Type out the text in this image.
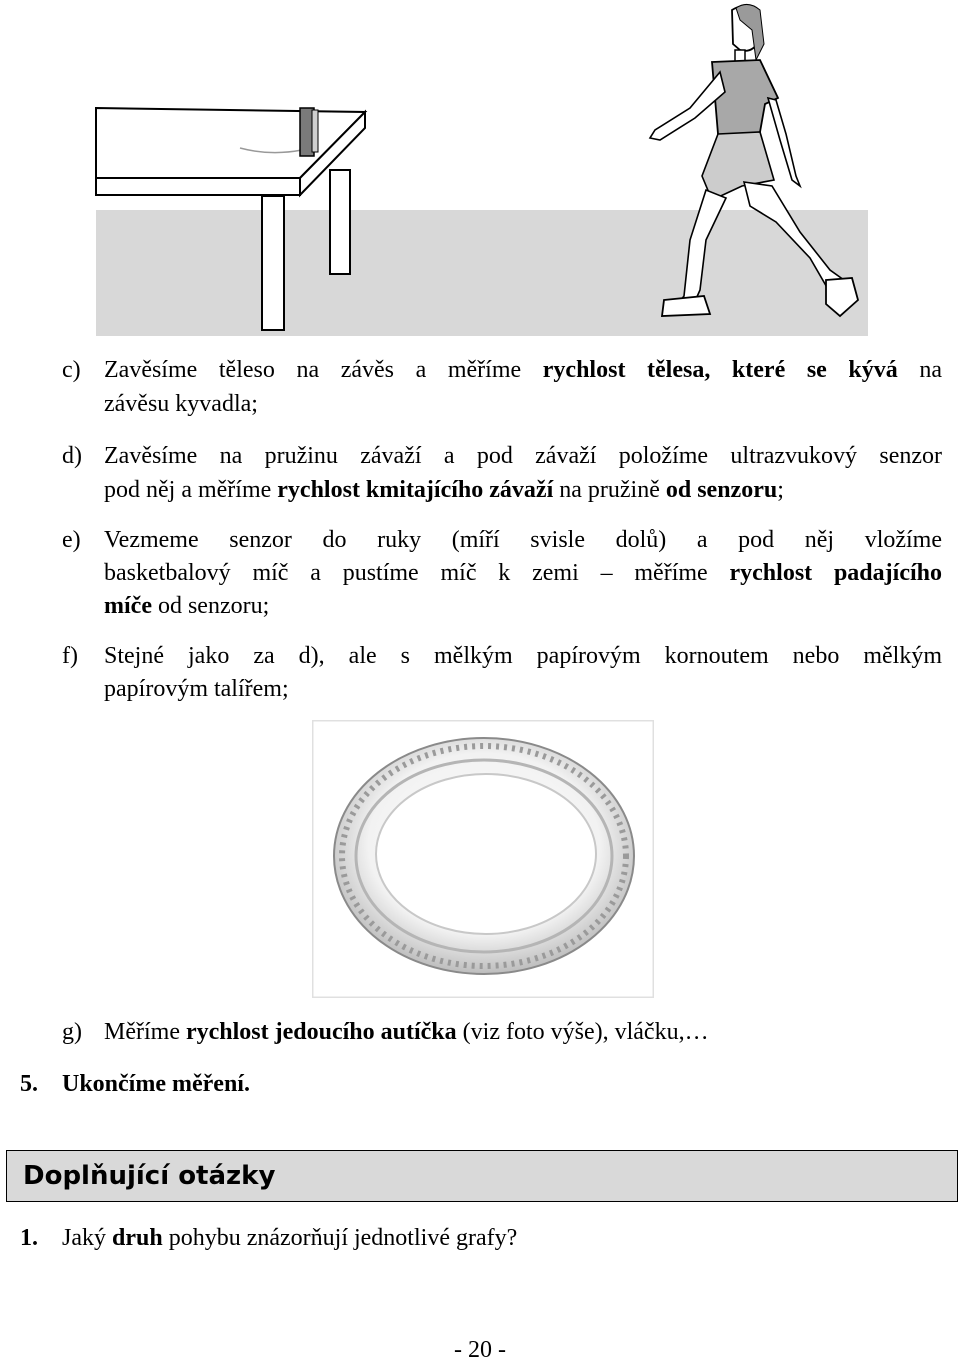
c) Zavěsíme těleso na závěs a měříme rychlost tělesa, které se kývá na
závěsu kyvadla;
d) Zavěsíme na pružinu závaží a pod závaží položíme ultrazvukový senzor
pod něj a měříme rychlost kmitajícího závaží na pružině od senzoru;
e) Vezmeme senzor do ruky (míří svisle dolů) a pod něj vložíme
basketbalový míč a pustíme míč k zemi – měříme rychlost padajícího
míče od senzoru;
f) Stejné jako za d), ale s mělkým papírovým kornoutem nebo mělkým
papírovým talířem;
g) Měříme rychlost jedoucího autíčka (viz foto výše), vláčku,…
5. Ukončíme měření.
Doplňující otázky
1. Jaký druh pohybu znázorňují jednotlivé grafy?
- 20 -
